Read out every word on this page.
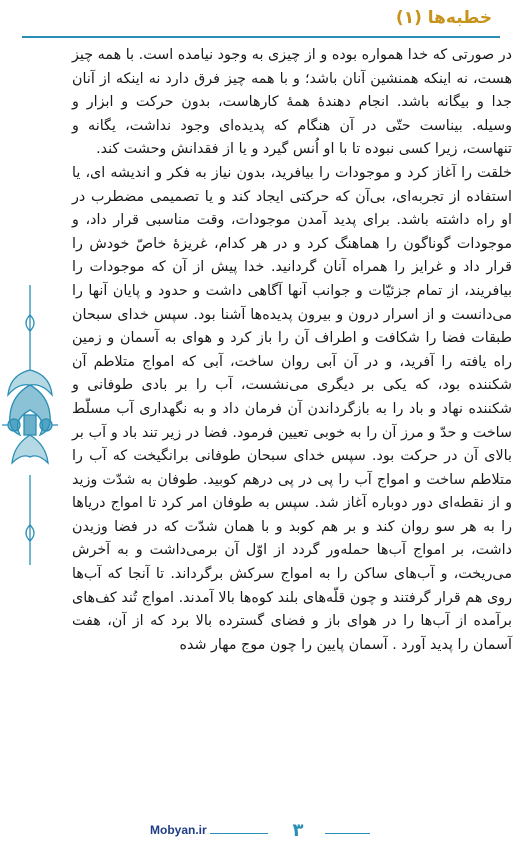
خطبه‌ها (۱)

در صورتی که خدا همواره بوده و از چیزی به وجود نیامده است. با همه چیز هست، نه اینکه همنشین آنان باشد؛ و با همه چیز فرق دارد نه اینکه از آنان جدا و بیگانه باشد. انجام دهندۀ همۀ کارهاست، بدون حرکت و ابزار و وسیله. بیناست حتّی در آن هنگام که پدیده‌ای وجود نداشت، یگانه و تنهاست، زیرا کسی نبوده تا با او اُنس گیرد و یا از فقدانش وحشت کند.

خلقت را آغاز کرد و موجودات را بیافرید، بدون نیاز به فکر و اندیشه ای، یا استفاده از تجربه‌ای، بی‌آن که حرکتی ایجاد کند و یا تصمیمی مضطرب در او راه داشته باشد. برای پدید آمدن موجودات، وقت مناسبی قرار داد، و موجودات گوناگون را هماهنگ کرد و در هر کدام، غریزۀ خاصّ خودش را قرار داد و غرایز را همراه آنان گردانید. خدا پیش از آن که موجودات را بیافریند، از تمام جزئیّات و جوانب آنها آگاهی داشت و حدود و پایان آنها را می‌دانست و از اسرار درون و بیرون پدیده‌ها آشنا بود. سپس خدای سبحان طبقات فضا را شکافت و اطراف آن را باز کرد و هوای به آسمان و زمین راه یافته را آفرید، و در آن آبی روان ساخت، آبی که امواج متلاطم آن شکننده بود، که یکی بر دیگری می‌نشست، آب را بر بادی طوفانی و شکننده نهاد و باد را به بازگرداندن آن فرمان داد و به نگهداری آب مسلّط ساخت و حدّ و مرز آن را به خوبی تعیین فرمود. فضا در زیر تند باد و آب بر بالای آن در حرکت بود. سپس خدای سبحان طوفانی برانگیخت که آب را متلاطم ساخت و امواج آب را پی در پی درهم کوبید. طوفان به شدّت وزید و از نقطه‌ای دور دوباره آغاز شد. سپس به طوفان امر کرد تا امواج دریاها را به هر سو روان کند و بر هم کوبد و با همان شدّت که در فضا وزیدن داشت، بر امواج آب‌ها حمله‌ور گردد از اوّل آن برمی‌داشت و به آخرش می‌ریخت، و آب‌های ساکن را به امواج سرکش برگرداند. تا آنجا که آب‌ها روی هم قرار گرفتند و چون قلّه‌های بلند کوه‌ها بالا آمدند. امواج تُند کف‌های برآمده از آب‌ها را در هوای باز و فضای گسترده بالا برد که از آن، هفت آسمان را پدید آورد . آسمان پایین را چون موج مهار شده

Mobyan.ir	۳
